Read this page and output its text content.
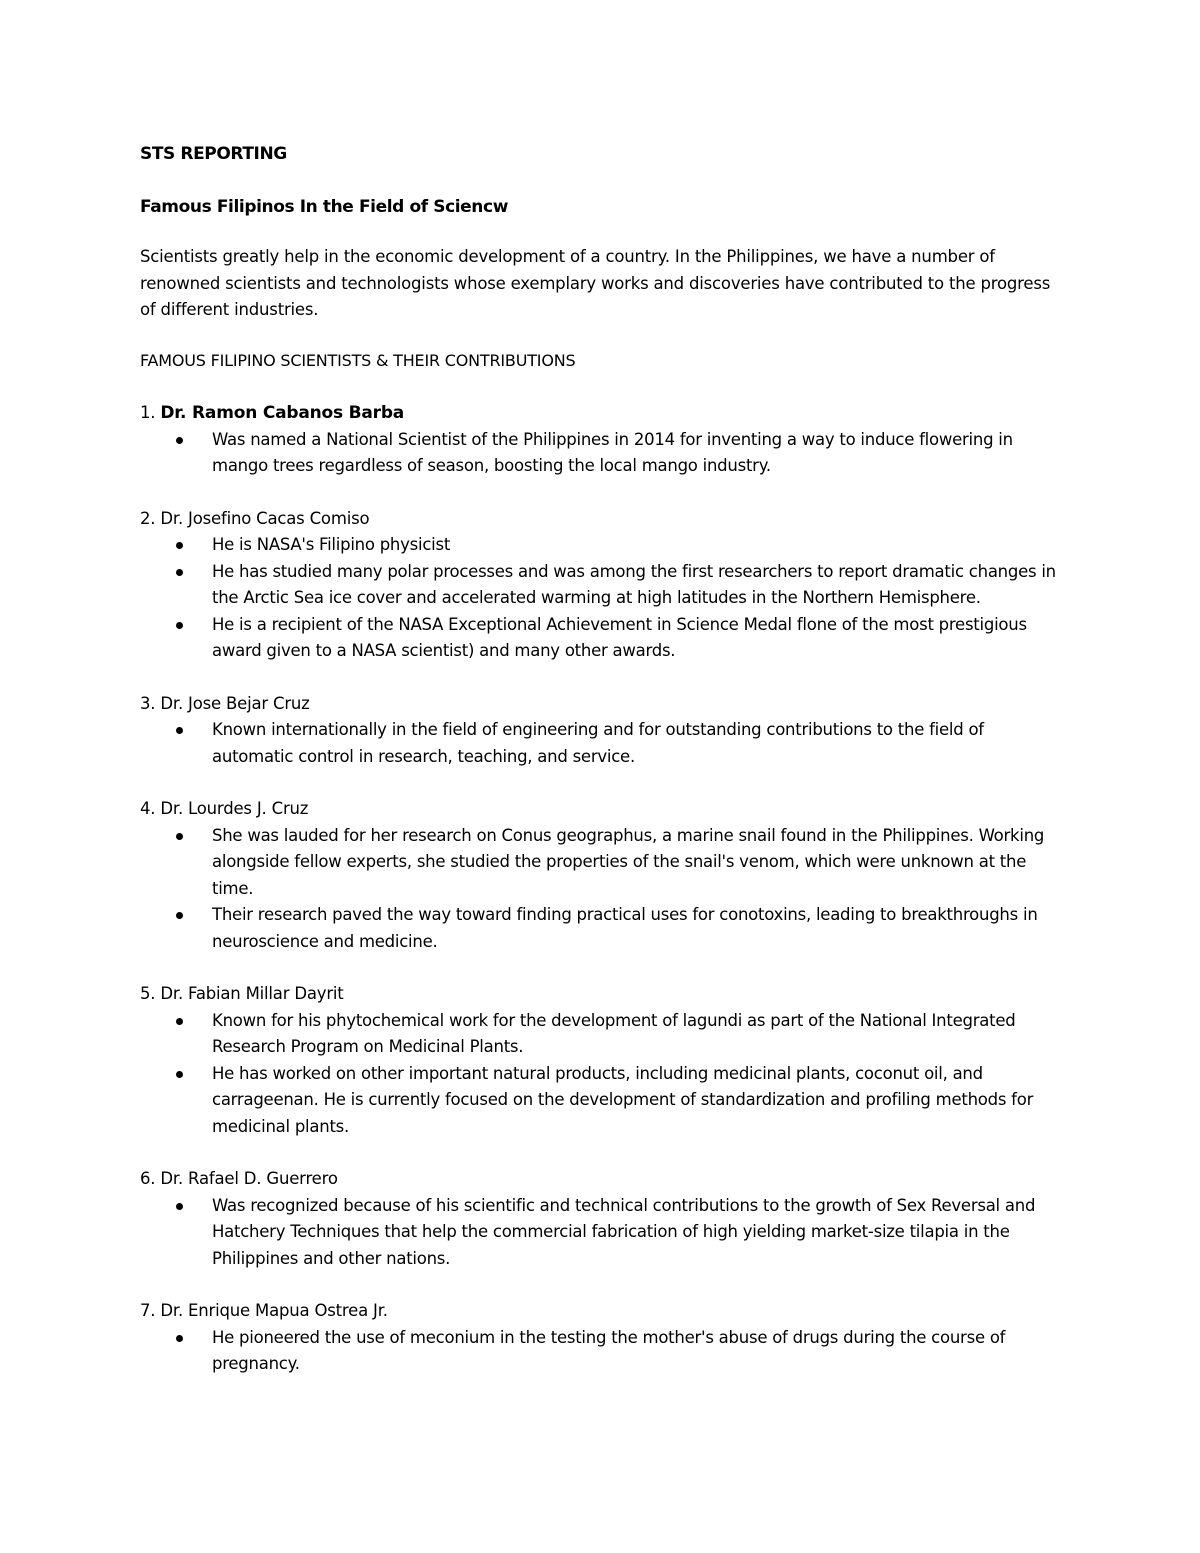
STS REPORTING
Famous Filipinos In the Field of Sciencw
Scientists greatly help in the economic development of a country. In the Philippines, we have a number of renowned scientists and technologists whose exemplary works and discoveries have contributed to the progress of different industries.
FAMOUS FILIPINO SCIENTISTS & THEIR CONTRIBUTIONS
1. Dr. Ramon Cabanos Barba
Was named a National Scientist of the Philippines in 2014 for inventing a way to induce flowering in mango trees regardless of season, boosting the local mango industry.
2. Dr. Josefino Cacas Comiso
He is NASA's Filipino physicist
He has studied many polar processes and was among the first researchers to report dramatic changes in the Arctic Sea ice cover and accelerated warming at high latitudes in the Northern Hemisphere.
He is a recipient of the NASA Exceptional Achievement in Science Medal flone of the most prestigious award given to a NASA scientist) and many other awards.
3. Dr. Jose Bejar Cruz
Known internationally in the field of engineering and for outstanding contributions to the field of automatic control in research, teaching, and service.
4. Dr. Lourdes J. Cruz
She was lauded for her research on Conus geographus, a marine snail found in the Philippines. Working alongside fellow experts, she studied the properties of the snail's venom, which were unknown at the time.
Their research paved the way toward finding practical uses for conotoxins, leading to breakthroughs in neuroscience and medicine.
5. Dr. Fabian Millar Dayrit
Known for his phytochemical work for the development of lagundi as part of the National Integrated Research Program on Medicinal Plants.
He has worked on other important natural products, including medicinal plants, coconut oil, and carrageenan. He is currently focused on the development of standardization and profiling methods for medicinal plants.
6. Dr. Rafael D. Guerrero
Was recognized because of his scientific and technical contributions to the growth of Sex Reversal and Hatchery Techniques that help the commercial fabrication of high yielding market-size tilapia in the Philippines and other nations.
7. Dr. Enrique Mapua Ostrea Jr.
He pioneered the use of meconium in the testing the mother's abuse of drugs during the course of pregnancy.
